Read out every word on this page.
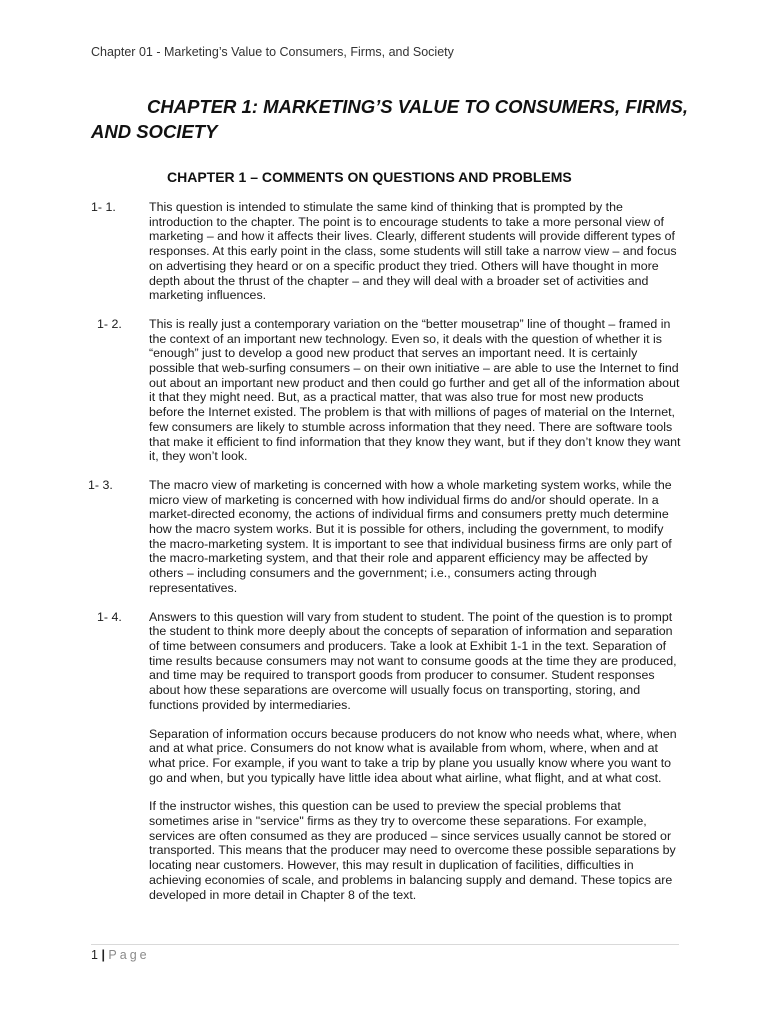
Chapter 01 - Marketing’s Value to Consumers, Firms, and Society
CHAPTER 1: MARKETING’S VALUE TO CONSUMERS, FIRMS, AND SOCIETY
CHAPTER 1 – COMMENTS ON QUESTIONS AND PROBLEMS
1- 1.	This question is intended to stimulate the same kind of thinking that is prompted by the introduction to the chapter. The point is to encourage students to take a more personal view of marketing – and how it affects their lives. Clearly, different students will provide different types of responses. At this early point in the class, some students will still take a narrow view – and focus on advertising they heard or on a specific product they tried. Others will have thought in more depth about the thrust of the chapter – and they will deal with a broader set of activities and marketing influences.

1- 2. This is really just a contemporary variation on the “better mousetrap” line of thought – framed in the context of an important new technology. Even so, it deals with the question of whether it is “enough” just to develop a good new product that serves an important need. It is certainly possible that web-surfing consumers – on their own initiative – are able to use the Internet to find out about an important new product and then could go further and get all of the information about it that they might need. But, as a practical matter, that was also true for most new products before the Internet existed. The problem is that with millions of pages of material on the Internet, few consumers are likely to stumble across information that they need. There are software tools that make it efficient to find information that they know they want, but if they don’t know they want it, they won’t look.

1- 3.	The macro view of marketing is concerned with how a whole marketing system works, while the micro view of marketing is concerned with how individual firms do and/or should operate. In a market-directed economy, the actions of individual firms and consumers pretty much determine how the macro system works. But it is possible for others, including the government, to modify the macro-marketing system. It is important to see that individual business firms are only part of the macro-marketing system, and that their role and apparent efficiency may be affected by others – including consumers and the government; i.e., consumers acting through representatives.

1- 4. Answers to this question will vary from student to student. The point of the question is to prompt the student to think more deeply about the concepts of separation of information and separation of time between consumers and producers. Take a look at Exhibit 1-1 in the text. Separation of time results because consumers may not want to consume goods at the time they are produced, and time may be required to transport goods from producer to consumer. Student responses about how these separations are overcome will usually focus on transporting, storing, and functions provided by intermediaries.

Separation of information occurs because producers do not know who needs what, where, when and at what price. Consumers do not know what is available from whom, where, when and at what price. For example, if you want to take a trip by plane you usually know where you want to go and when, but you typically have little idea about what airline, what flight, and at what cost.

If the instructor wishes, this question can be used to preview the special problems that sometimes arise in "service" firms as they try to overcome these separations. For example, services are often consumed as they are produced – since services usually cannot be stored or transported. This means that the producer may need to overcome these possible separations by locating near customers. However, this may result in duplication of facilities, difficulties in achieving economies of scale, and problems in balancing supply and demand. These topics are developed in more detail in Chapter 8 of the text.

1 | Page
